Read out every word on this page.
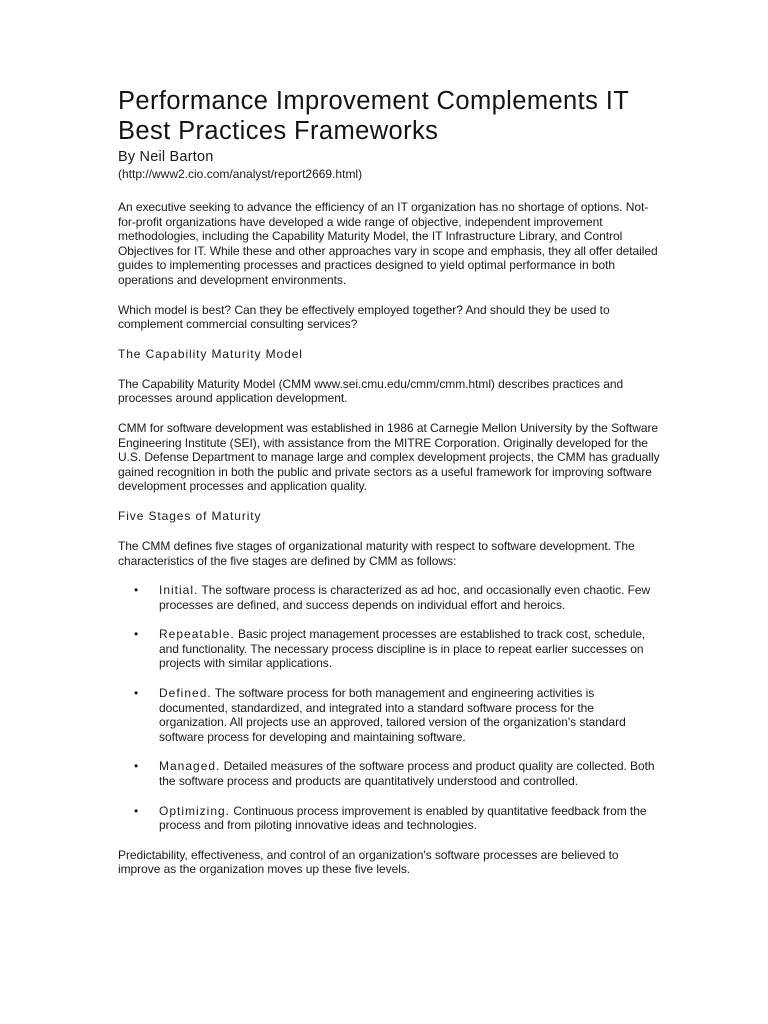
Performance Improvement Complements IT
Best Practices Frameworks
By Neil Barton
(http://www2.cio.com/analyst/report2669.html)

An executive seeking to advance the efficiency of an IT organization has no shortage of options. Not-for-profit organizations have developed a wide range of objective, independent improvement methodologies, including the Capability Maturity Model, the IT Infrastructure Library, and Control Objectives for IT. While these and other approaches vary in scope and emphasis, they all offer detailed guides to implementing processes and practices designed to yield optimal performance in both operations and development environments.

Which model is best? Can they be effectively employed together? And should they be used to complement commercial consulting services?

The Capability Maturity Model

The Capability Maturity Model (CMM www.sei.cmu.edu/cmm/cmm.html) describes practices and processes around application development.

CMM for software development was established in 1986 at Carnegie Mellon University by the Software Engineering Institute (SEI), with assistance from the MITRE Corporation. Originally developed for the U.S. Defense Department to manage large and complex development projects, the CMM has gradually gained recognition in both the public and private sectors as a useful framework for improving software development processes and application quality.

Five Stages of Maturity

The CMM defines five stages of organizational maturity with respect to software development. The characteristics of the five stages are defined by CMM as follows:

• Initial. The software process is characterized as ad hoc, and occasionally even chaotic. Few processes are defined, and success depends on individual effort and heroics.
• Repeatable. Basic project management processes are established to track cost, schedule, and functionality. The necessary process discipline is in place to repeat earlier successes on projects with similar applications.
• Defined. The software process for both management and engineering activities is documented, standardized, and integrated into a standard software process for the organization. All projects use an approved, tailored version of the organization's standard software process for developing and maintaining software.
• Managed. Detailed measures of the software process and product quality are collected. Both the software process and products are quantitatively understood and controlled.
• Optimizing. Continuous process improvement is enabled by quantitative feedback from the process and from piloting innovative ideas and technologies.

Predictability, effectiveness, and control of an organization's software processes are believed to improve as the organization moves up these five levels.
